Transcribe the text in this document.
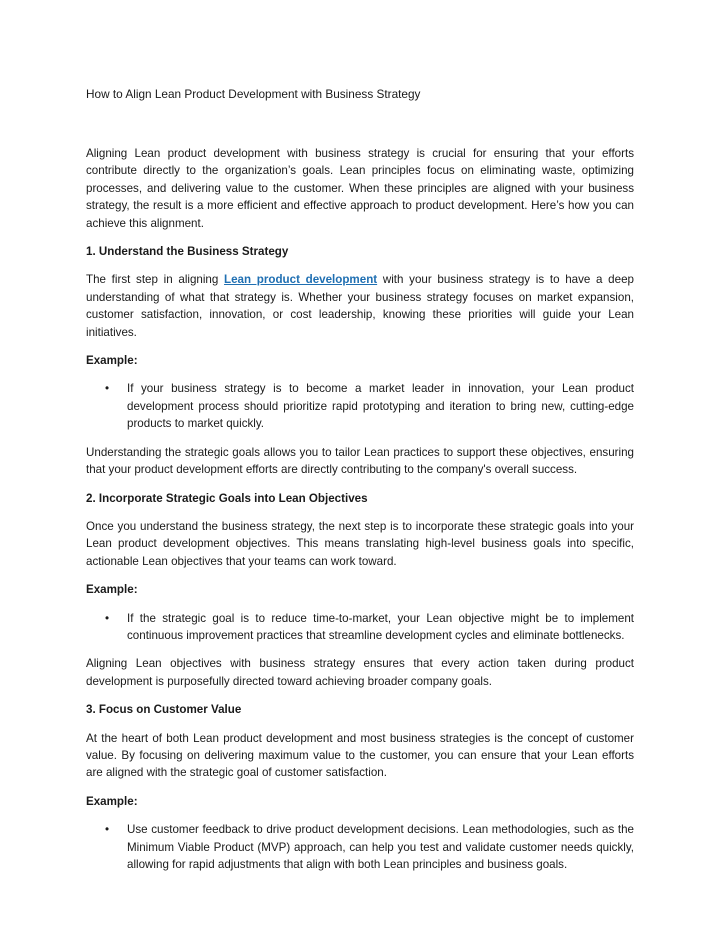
How to Align Lean Product Development with Business Strategy

Aligning Lean product development with business strategy is crucial for ensuring that your efforts contribute directly to the organization’s goals. Lean principles focus on eliminating waste, optimizing processes, and delivering value to the customer. When these principles are aligned with your business strategy, the result is a more efficient and effective approach to product development. Here’s how you can achieve this alignment.

1. Understand the Business Strategy

The first step in aligning Lean product development with your business strategy is to have a deep understanding of what that strategy is. Whether your business strategy focuses on market expansion, customer satisfaction, innovation, or cost leadership, knowing these priorities will guide your Lean initiatives.

Example:
• If your business strategy is to become a market leader in innovation, your Lean product development process should prioritize rapid prototyping and iteration to bring new, cutting-edge products to market quickly.

Understanding the strategic goals allows you to tailor Lean practices to support these objectives, ensuring that your product development efforts are directly contributing to the company's overall success.

2. Incorporate Strategic Goals into Lean Objectives

Once you understand the business strategy, the next step is to incorporate these strategic goals into your Lean product development objectives. This means translating high-level business goals into specific, actionable Lean objectives that your teams can work toward.

Example:
• If the strategic goal is to reduce time-to-market, your Lean objective might be to implement continuous improvement practices that streamline development cycles and eliminate bottlenecks.

Aligning Lean objectives with business strategy ensures that every action taken during product development is purposefully directed toward achieving broader company goals.

3. Focus on Customer Value

At the heart of both Lean product development and most business strategies is the concept of customer value. By focusing on delivering maximum value to the customer, you can ensure that your Lean efforts are aligned with the strategic goal of customer satisfaction.

Example:
• Use customer feedback to drive product development decisions. Lean methodologies, such as the Minimum Viable Product (MVP) approach, can help you test and validate customer needs quickly, allowing for rapid adjustments that align with both Lean principles and business goals.
